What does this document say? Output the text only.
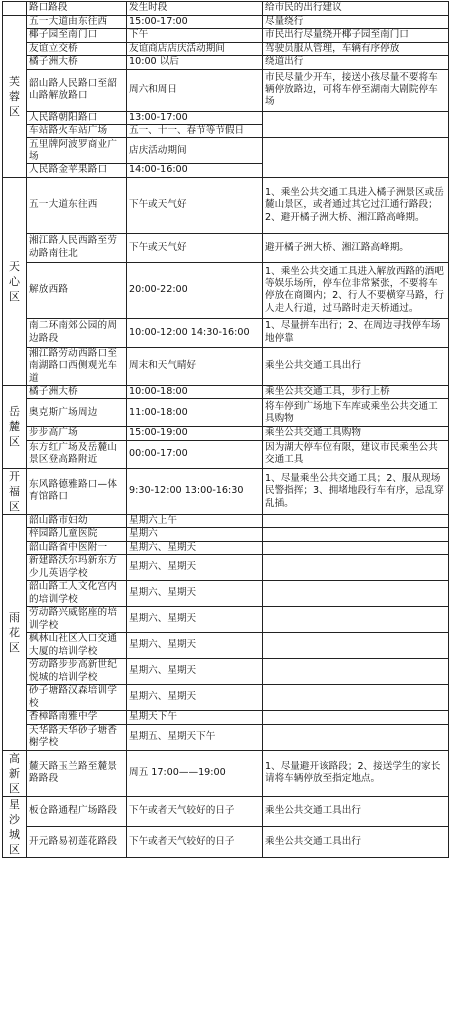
	路口路段	发生时段	给市民的出行建议

芙蓉区	五一大道由东往西	15:00-17:00	尽量绕行
	椰子园至南门口	下午	市民出行尽量绕开椰子园至南门口
	友谊立交桥	友谊商店店庆活动期间	驾驶员服从管理，车辆有序停放
	橘子洲大桥	10:00 以后	绕道出行
	韶山路人民路口至韶山路解放路口	周六和周日	市民尽量少开车，接送小孩尽量不要将车辆停放路边，可将车停至湖南大剧院停车场
	人民路朝阳路口	13:00-17:00	
	车站路火车站广场	五一、十一、春节等节假日	
	五里牌阿波罗商业广场	店庆活动期间	
	人民路金苹果路口	14:00-16:00	

天心区	五一大道东往西	下午或天气好	1、乘坐公共交通工具进入橘子洲景区或岳麓山景区，或者通过其它过江通行路段；2、避开橘子洲大桥、湘江路高峰期。
	湘江路人民西路至劳动路南往北	下午或天气好	避开橘子洲大桥、湘江路高峰期。
	解放西路	20:00-22:00	1、乘坐公共交通工具进入解放西路的酒吧等娱乐场所，停车位非常紧张，不要将车停放在商圈内；2、行人不要横穿马路，行人走人行道，过马路时走天桥通过。
	南二环南郊公园的周边路段	10:00-12:00 14:30-16:00	1、尽量拼车出行；2、在周边寻找停车场地停靠
	湘江路劳动西路口至南湖路口西侧观光车道	周末和天气晴好	乘坐公共交通工具出行

岳麓区	橘子洲大桥	10:00-18:00	乘坐公共交通工具，步行上桥
	奥克斯广场周边	11:00-18:00	将车停到广场地下车库或乘坐公共交通工具购物
	步步高广场	15:00-19:00	乘坐公共交通工具购物
	东方红广场及岳麓山景区登高路附近	00:00-17:00	因为湖大停车位有限，建议市民乘坐公共交通工具

开福区	东风路德雅路口—体育馆路口	9:30-12:00 13:00-16:30	1、尽量乘坐公共交通工具；2、服从现场民警指挥；3、拥堵地段行车有序，忌乱穿乱插。

雨花区	韶山路市妇幼	星期六上午	
	梓园路儿童医院	星期六	
	韶山路省中医附一	星期六、星期天	
	新建路沃尔玛新东方少儿英语学校	星期六、星期天	
	韶山路工人文化宫内的培训学校	星期六、星期天	
	劳动路兴威铭座的培训学校	星期六、星期天	
	枫林山社区入口交通大厦的培训学校	星期六、星期天	
	劳动路步步高新世纪悦城的培训学校	星期六、星期天	
	砂子塘路汉森培训学校	星期六、星期天	
	香樟路南雅中学	星期天下午	
	天华路天华砂子塘香榭学校	星期五、星期天下午	

高新区	麓天路玉兰路至麓景路路段	周五 17:00——19:00	1、尽量避开该路段；2、接送学生的家长请将车辆停放至指定地点。

星沙城区	板仓路通程广场路段	下午或者天气较好的日子	乘坐公共交通工具出行
	开元路易初莲花路段	下午或者天气较好的日子	乘坐公共交通工具出行
